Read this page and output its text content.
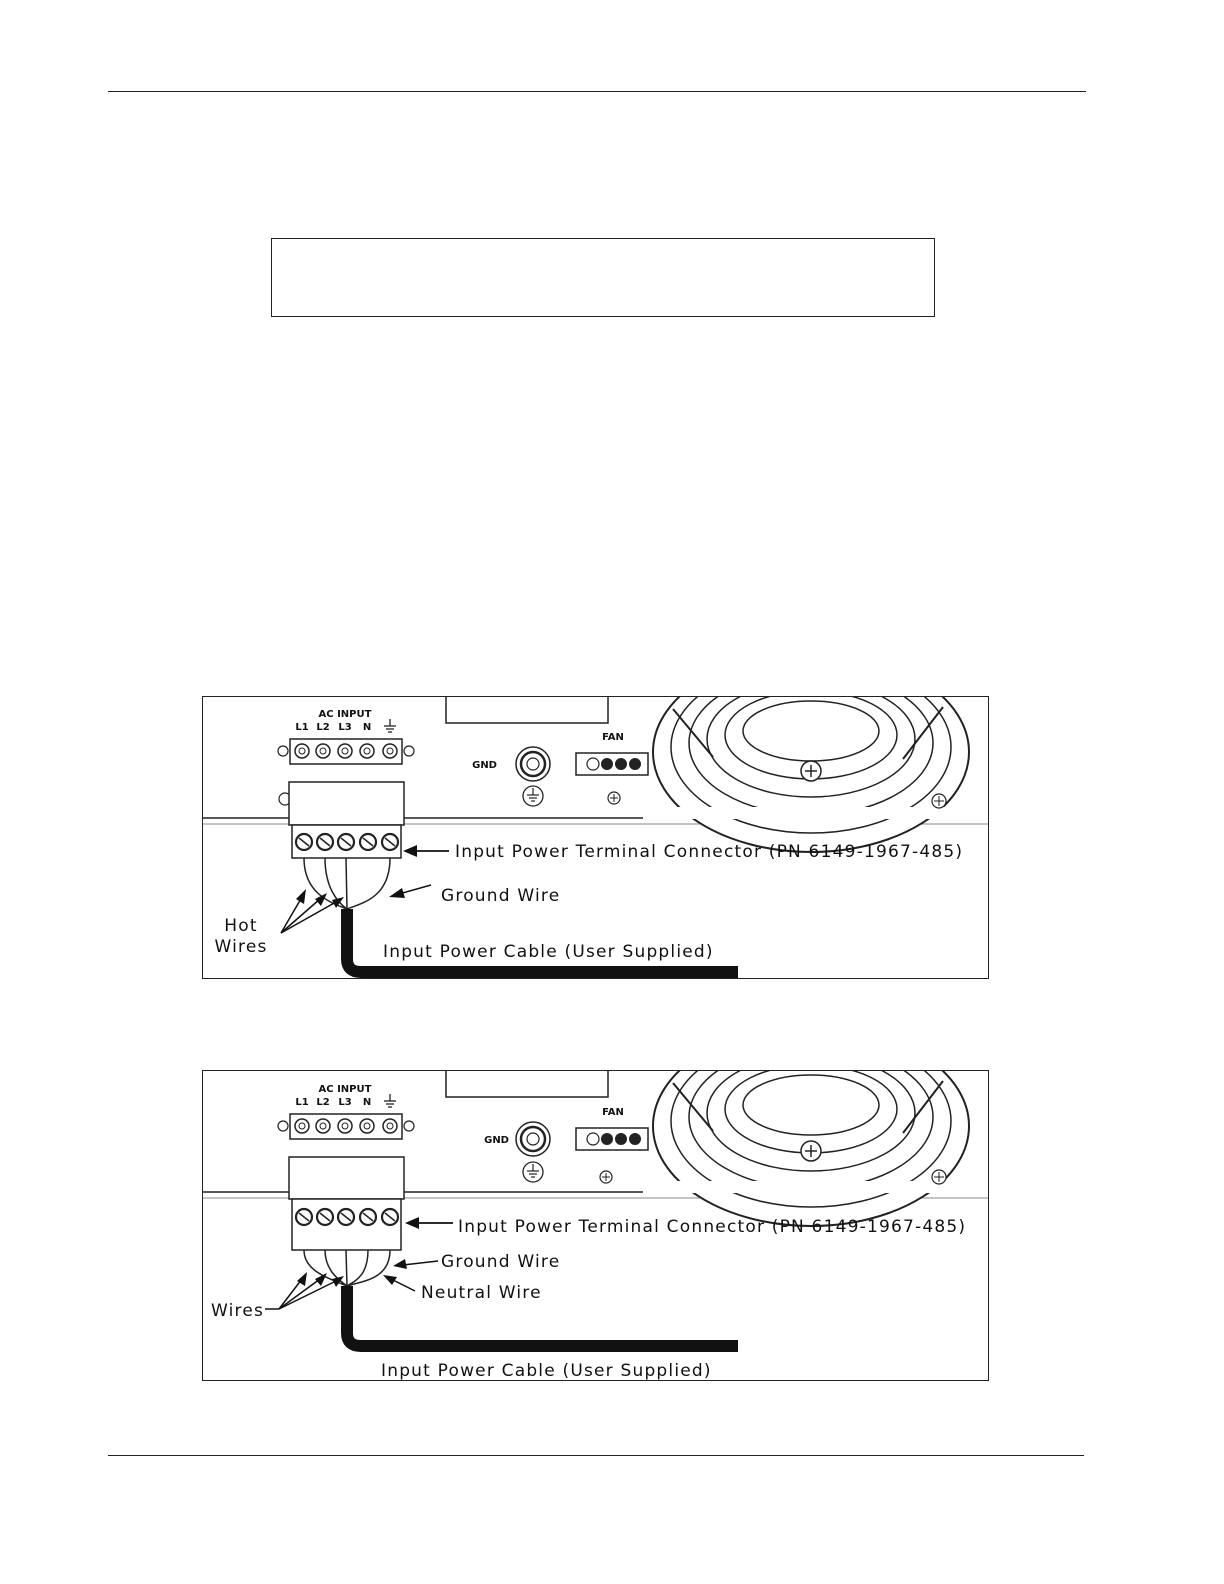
AC INPUT
L1 L2 L3 N
GND
FAN
Input Power Terminal Connector (PN 6149-1967-485)
Ground Wire
Hot
Wires	Input Power Cable (User Supplied)
AC INPUT
L1 L2 L3 N
GND
FAN
Input Power Terminal Connector (PN 6149-1967-485)
Ground Wire
Neutral Wire
Wires
Input Power Cable (User Supplied)
